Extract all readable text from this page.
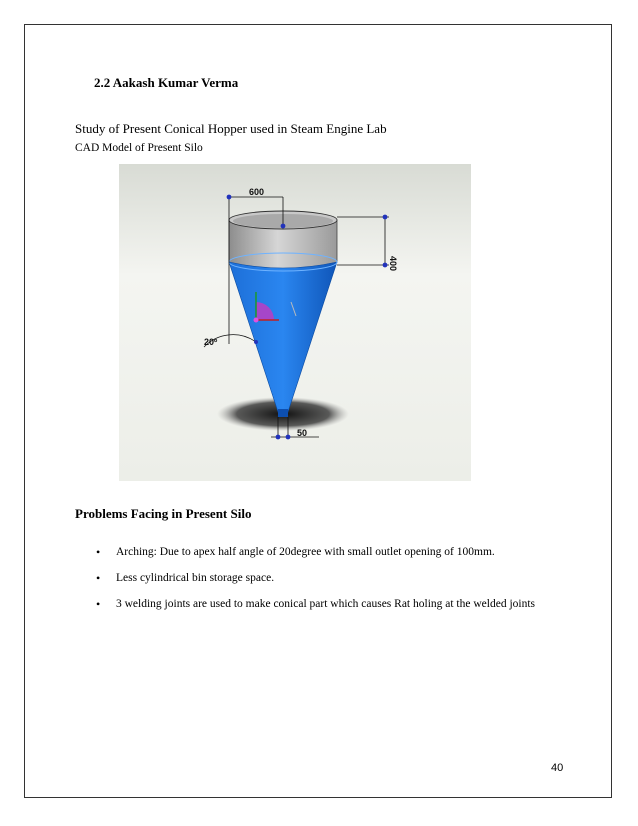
2.2 Aakash Kumar Verma
Study of Present Conical Hopper used in Steam Engine Lab
CAD Model of Present Silo
600
400
20º
50
Problems Facing in Present Silo
• Arching: Due to apex half angle of 20degree with small outlet opening of 100mm.
• Less cylindrical bin storage space.
• 3 welding joints are used to make conical part which causes Rat holing at the welded joints
40
